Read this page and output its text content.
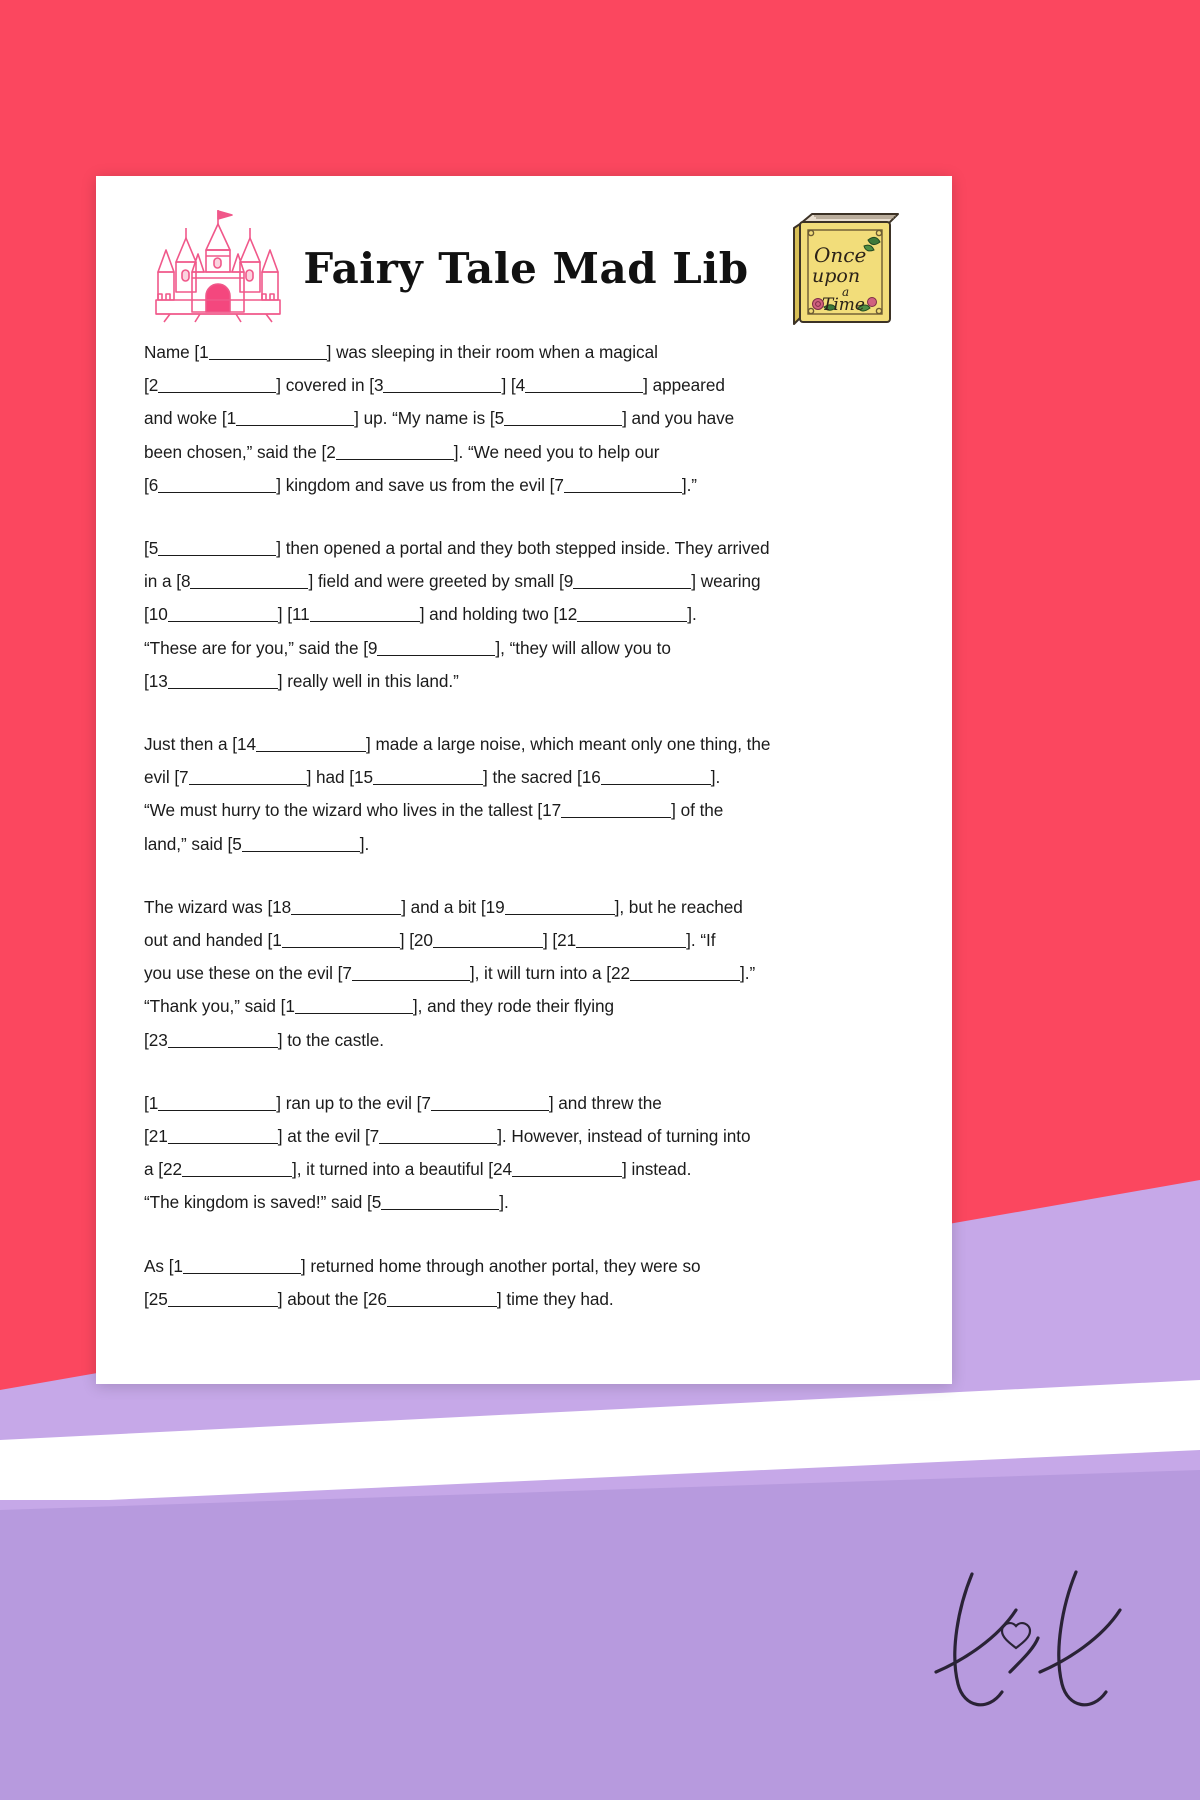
Fairy Tale Mad Lib	Once
upon
a
Time
Name [1	] was sleeping in their room when a magical
[2	] covered in [3	] [4	] appeared
and woke [1	] up. “My name is [5	] and you have
been chosen,” said the [2	]. “We need you to help our
[6	] kingdom and save us from the evil [7	].”
[5	] then opened a portal and they both stepped inside. They arrived
in a [8	] field and were greeted by small [9	] wearing
[10	] [11	] and holding two [12	].
“These are for you,” said the [9	], “they will allow you to
[13	] really well in this land.”
Just then a [14	] made a large noise, which meant only one thing, the
evil [7	] had [15	] the sacred [16	].
“We must hurry to the wizard who lives in the tallest [17	] of the
land,” said [5	].
The wizard was [18	] and a bit [19	], but he reached
out and handed [1	] [20	] [21	]. “If
you use these on the evil [7	], it will turn into a [22	].”
“Thank you,” said [1	], and they rode their flying
[23	] to the castle.
[1	] ran up to the evil [7	] and threw the
[21	] at the evil [7	]. However, instead of turning into
a [22	], it turned into a beautiful [24	] instead.
“The kingdom is saved!” said [5	].
As [1	] returned home through another portal, they were so
[25	] about the [26	] time they had.
